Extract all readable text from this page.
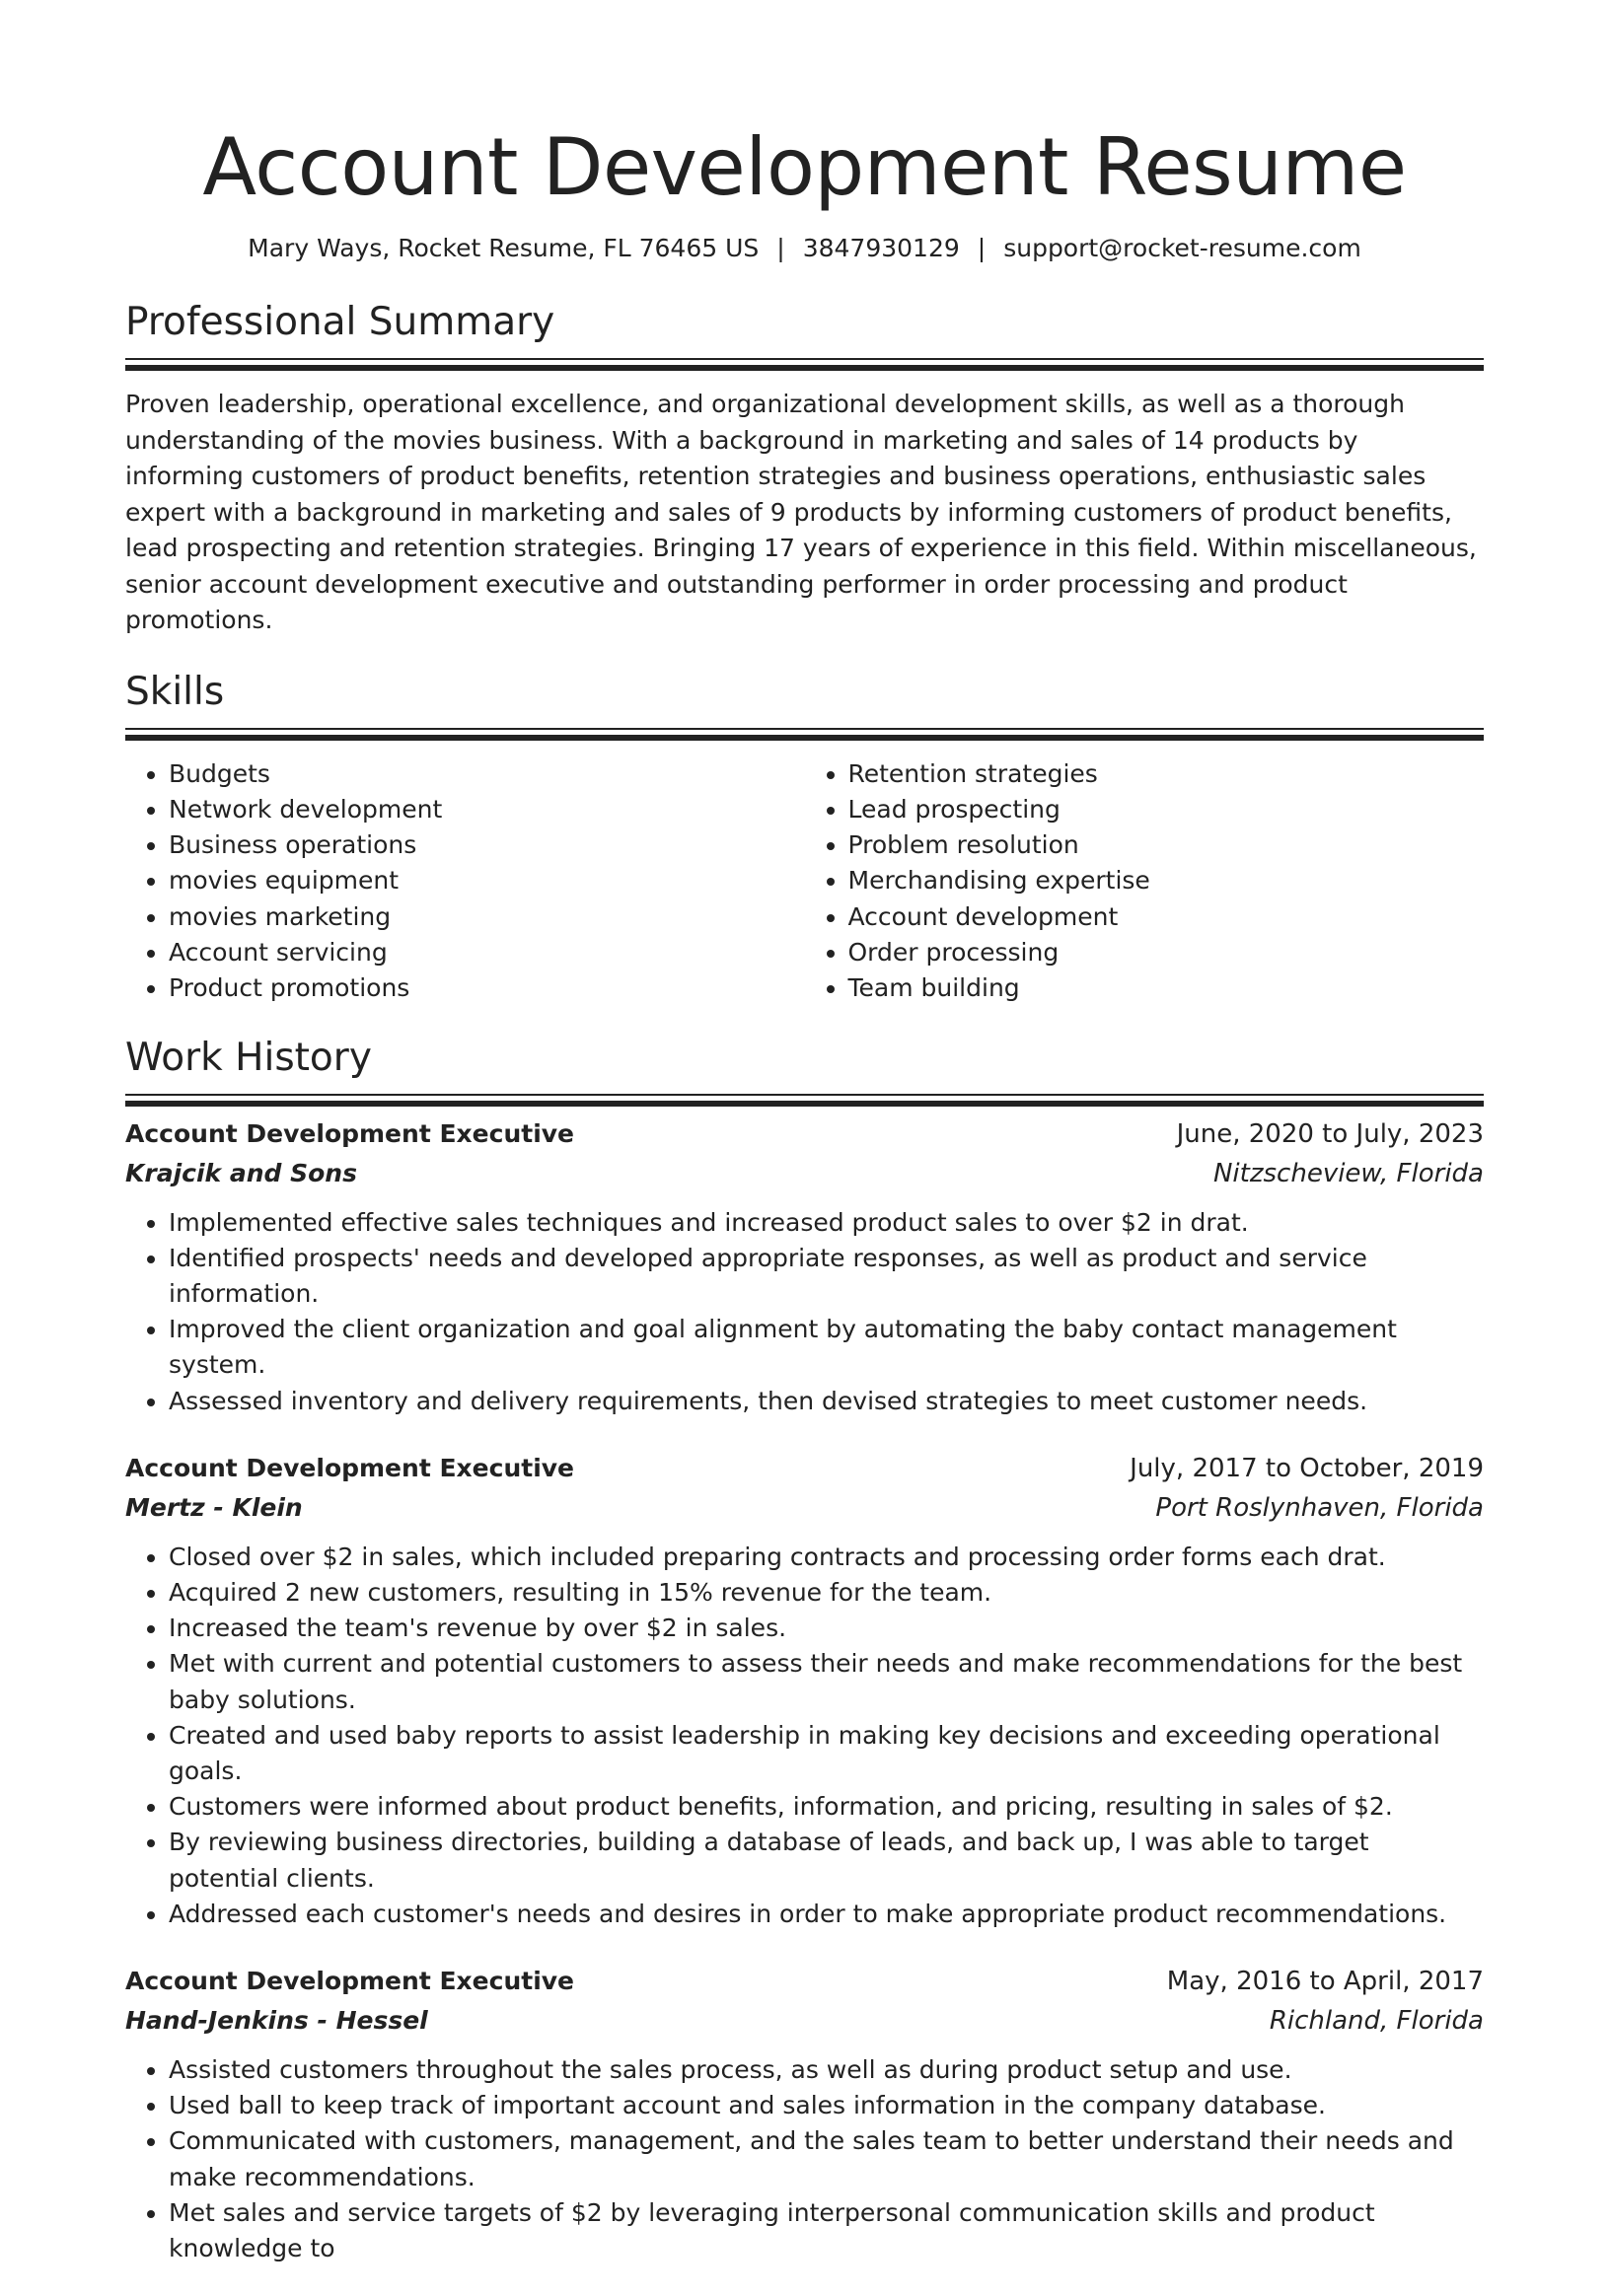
Account Development Resume
Mary Ways, Rocket Resume, FL 76465 US | 3847930129 | support@rocket-resume.com
Professional Summary

Proven leadership, operational excellence, and organizational development skills, as well as a thorough understanding of the movies business. With a background in marketing and sales of 14 products by informing customers of product benefits, retention strategies and business operations, enthusiastic sales expert with a background in marketing and sales of 9 products by informing customers of product benefits, lead prospecting and retention strategies. Bringing 17 years of experience in this field. Within miscellaneous, senior account development executive and outstanding performer in order processing and product promotions.

Skills
• Budgets
• Network development
• Business operations
• movies equipment
• movies marketing
• Account servicing
• Product promotions
• Retention strategies
• Lead prospecting
• Problem resolution
• Merchandising expertise
• Account development
• Order processing
• Team building
Work History
Account Development Executive	June, 2020 to July, 2023
Krajcik and Sons	Nitzscheview, Florida
• Implemented effective sales techniques and increased product sales to over $2 in drat.
• Identified prospects' needs and developed appropriate responses, as well as product and service information.
• Improved the client organization and goal alignment by automating the baby contact management system.
• Assessed inventory and delivery requirements, then devised strategies to meet customer needs.
Account Development Executive	July, 2017 to October, 2019
Mertz - Klein	Port Roslynhaven, Florida
• Closed over $2 in sales, which included preparing contracts and processing order forms each drat.
• Acquired 2 new customers, resulting in 15% revenue for the team.
• Increased the team's revenue by over $2 in sales.
• Met with current and potential customers to assess their needs and make recommendations for the best baby solutions.
• Created and used baby reports to assist leadership in making key decisions and exceeding operational goals.
• Customers were informed about product benefits, information, and pricing, resulting in sales of $2.
• By reviewing business directories, building a database of leads, and back up, I was able to target potential clients.
• Addressed each customer's needs and desires in order to make appropriate product recommendations.
Account Development Executive	May, 2016 to April, 2017
Hand-Jenkins - Hessel	Richland, Florida
• Assisted customers throughout the sales process, as well as during product setup and use.
• Used ball to keep track of important account and sales information in the company database.
• Communicated with customers, management, and the sales team to better understand their needs and make recommendations.
• Met sales and service targets of $2 by leveraging interpersonal communication skills and product knowledge to
